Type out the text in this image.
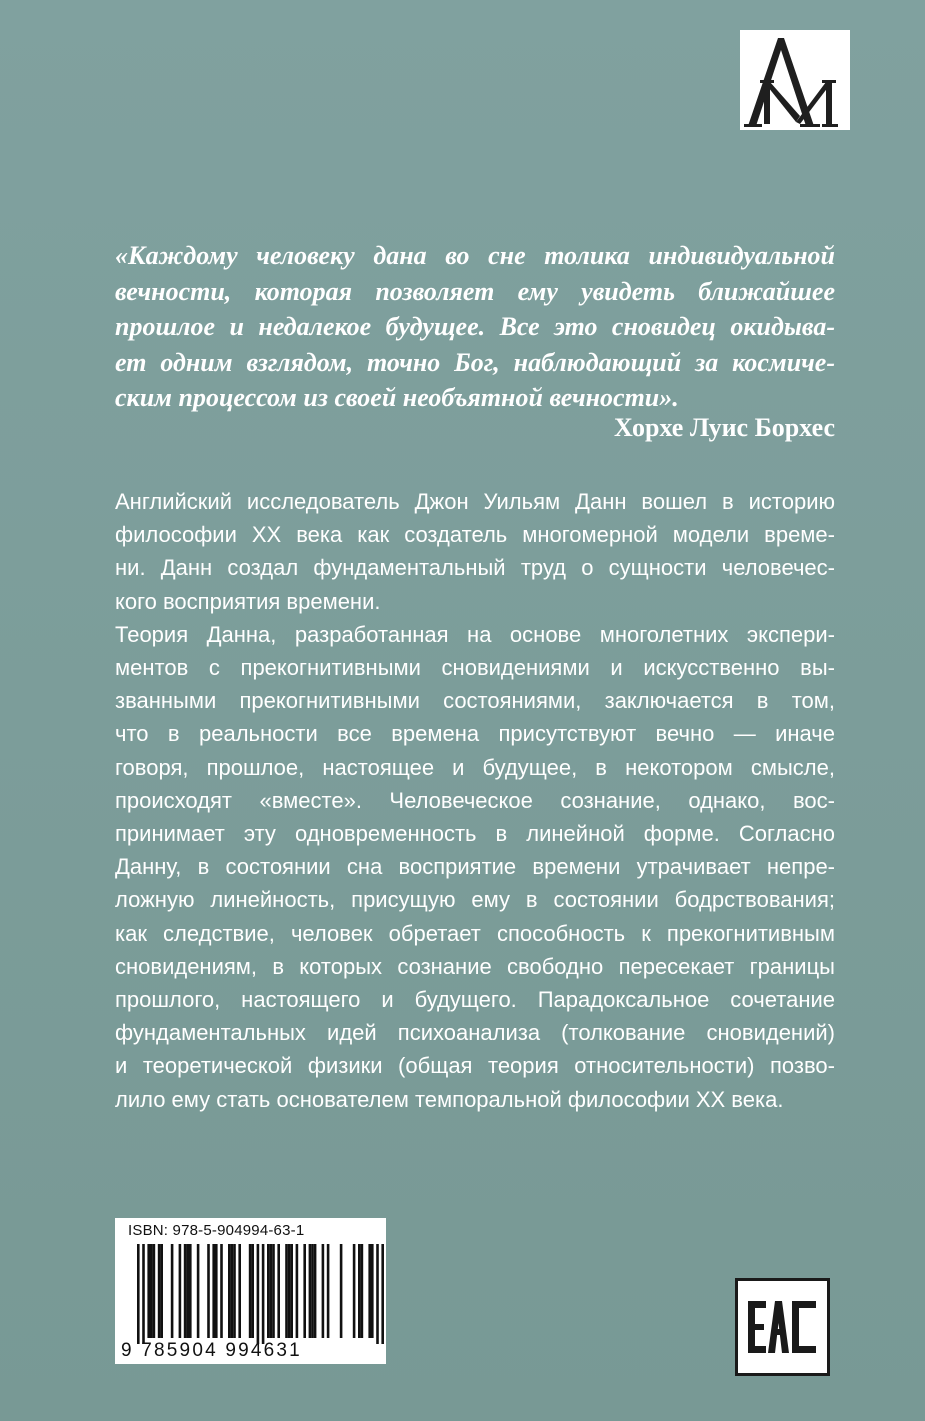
«Каждому человеку дана во сне толика индивидуальной
вечности, которая позволяет ему увидеть ближайшее
прошлое и недалекое будущее. Все это сновидец окидыва-
ет одним взглядом, точно Бог, наблюдающий за космиче-
ским процессом из своей необъятной вечности».

Хорхе Луис Борхес

Английский исследователь Джон Уильям Данн вошел в историю
философии XX века как создатель многомерной модели време-
ни. Данн создал фундаментальный труд о сущности человечес-
кого восприятия времени.
Теория Данна, разработанная на основе многолетних экспери-
ментов с прекогнитивными сновидениями и искусственно вы-
званными прекогнитивными состояниями, заключается в том,
что в реальности все времена присутствуют вечно — иначе
говоря, прошлое, настоящее и будущее, в некотором смысле,
происходят «вместе». Человеческое сознание, однако, вос-
принимает эту одновременность в линейной форме. Согласно
Данну, в состоянии сна восприятие времени утрачивает непре-
ложную линейность, присущую ему в состоянии бодрствования;
как следствие, человек обретает способность к прекогнитивным
сновидениям, в которых сознание свободно пересекает границы
прошлого, настоящего и будущего. Парадоксальное сочетание
фундаментальных идей психоанализа (толкование сновидений)
и теоретической физики (общая теория относительности) позво-
лило ему стать основателем темпоральной философии XX века.

ISBN: 978-5-904994-63-1
9 785904 994631
